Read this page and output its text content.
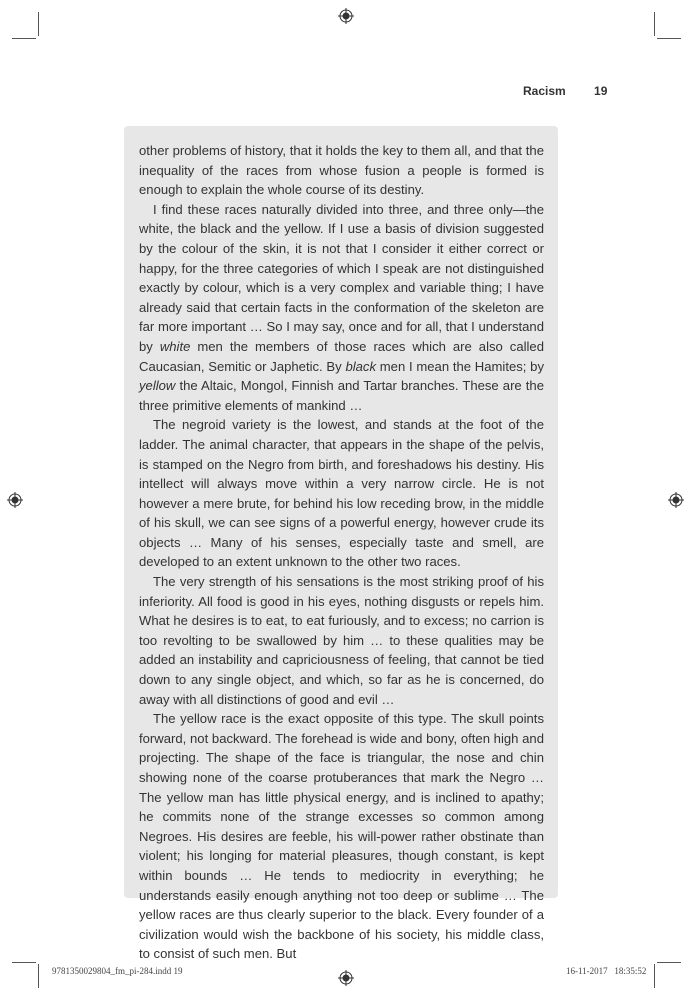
Racism 19

other problems of history, that it holds the key to them all, and that the inequality of the races from whose fusion a people is formed is enough to explain the whole course of its destiny.

I find these races naturally divided into three, and three only—the white, the black and the yellow. If I use a basis of division suggested by the colour of the skin, it is not that I consider it either correct or happy, for the three categories of which I speak are not distinguished exactly by colour, which is a very complex and variable thing; I have already said that certain facts in the conformation of the skeleton are far more important … So I may say, once and for all, that I understand by white men the members of those races which are also called Caucasian, Semitic or Japhetic. By black men I mean the Hamites; by yellow the Altaic, Mongol, Finnish and Tartar branches. These are the three primitive elements of mankind …

The negroid variety is the lowest, and stands at the foot of the ladder. The animal character, that appears in the shape of the pelvis, is stamped on the Negro from birth, and foreshadows his destiny. His intellect will always move within a very narrow circle. He is not however a mere brute, for behind his low receding brow, in the middle of his skull, we can see signs of a powerful energy, however crude its objects … Many of his senses, especially taste and smell, are developed to an extent unknown to the other two races.

The very strength of his sensations is the most striking proof of his inferiority. All food is good in his eyes, nothing disgusts or repels him. What he desires is to eat, to eat furiously, and to excess; no carrion is too revolting to be swallowed by him … to these qualities may be added an instability and capriciousness of feeling, that cannot be tied down to any single object, and which, so far as he is concerned, do away with all distinctions of good and evil …

The yellow race is the exact opposite of this type. The skull points forward, not backward. The forehead is wide and bony, often high and projecting. The shape of the face is triangular, the nose and chin showing none of the coarse protuberances that mark the Negro … The yellow man has little physical energy, and is inclined to apathy; he commits none of the strange excesses so common among Negroes. His desires are feeble, his will-power rather obstinate than violent; his longing for material pleasures, though constant, is kept within bounds … He tends to mediocrity in everything; he understands easily enough anything not too deep or sublime … The yellow races are thus clearly superior to the black. Every founder of a civilization would wish the backbone of his society, his middle class, to consist of such men. But

9781350029804_fm_pi-284.indd 19	16-11-2017   18:35:52
